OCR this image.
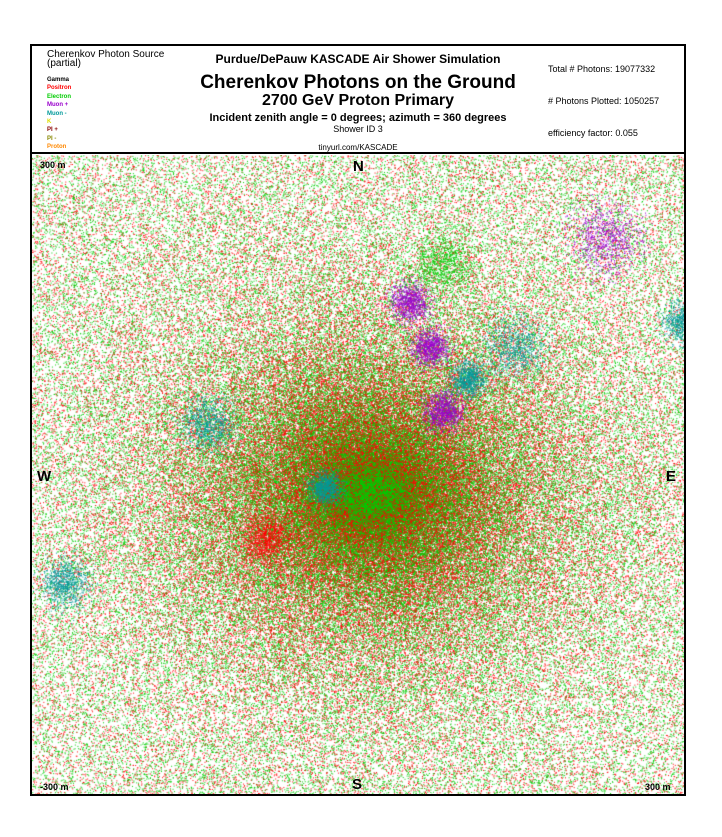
Cherenkov Photon Source
(partial)
Gamma
Positron
Electron
Muon +
Muon -
K
PI +
PI -
Proton
Purdue/DePauw KASCADE Air Shower Simulation
Cherenkov Photons on the Ground
2700 GeV Proton Primary
Incident zenith angle = 0 degrees; azimuth = 360 degrees
Shower ID 3
tinyurl.com/KASCADE
Total # Photons: 19077332
# Photons Plotted: 1050257
efficiency factor: 0.055
N
S
W	E
300 m
-300 m	300 m
